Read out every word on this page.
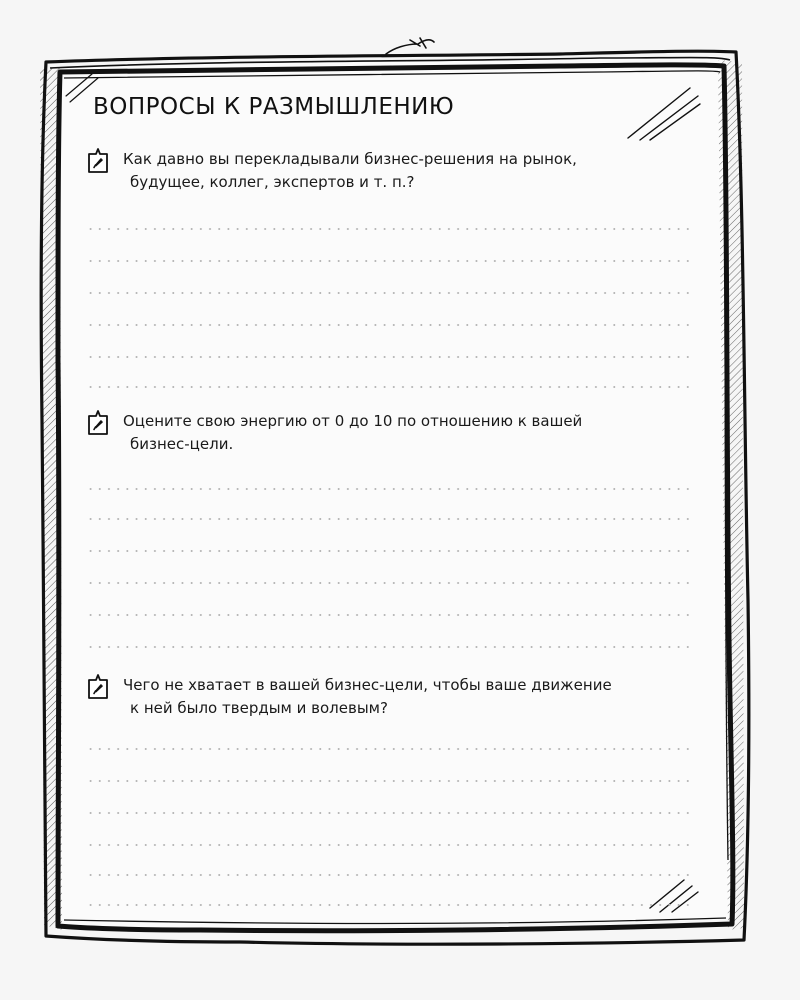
ВОПРОСЫ К РАЗМЫШЛЕНИЮ

Как давно вы перекладывали бизнес-решения на рынок,
будущее, коллег, экспертов и т. п.?

Оцените свою энергию от 0 до 10 по отношению к вашей
бизнес-цели.

Чего не хватает в вашей бизнес-цели, чтобы ваше движение
к ней было твердым и волевым?
